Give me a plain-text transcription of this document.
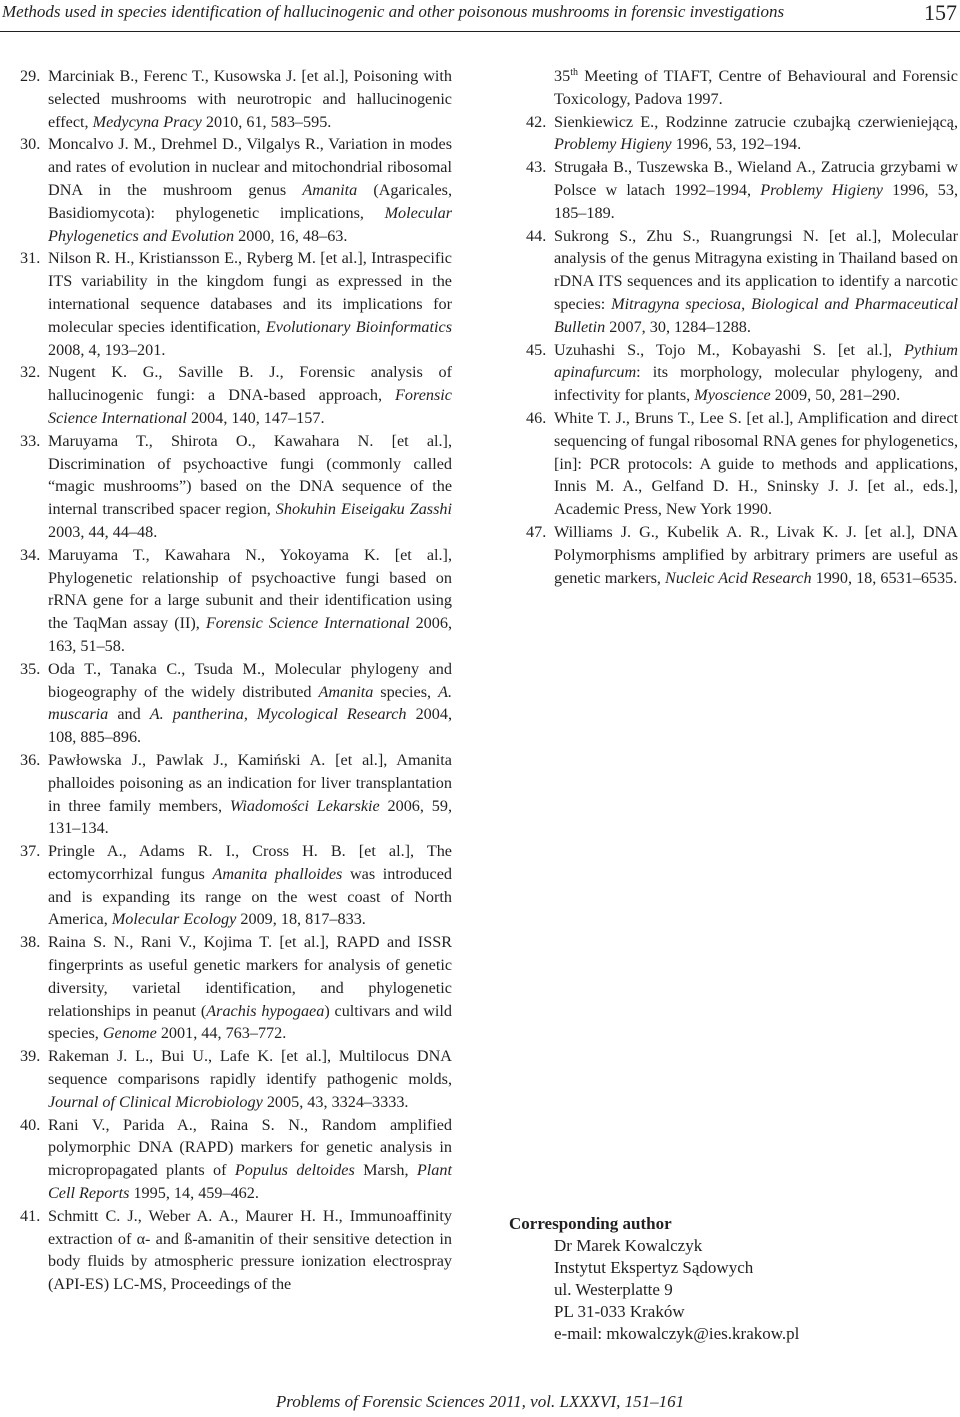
Methods used in species identification of hallucinogenic and other poisonous mushrooms in forensic investigations	157

29. Marciniak B., Ferenc T., Kusowska J. [et al.], Poisoning with selected mushrooms with neurotropic and hallucinogenic effect, Medycyna Pracy 2010, 61, 583–595.

30. Moncalvo J. M., Drehmel D., Vilgalys R., Variation in modes and rates of evolution in nuclear and mitochondrial ribosomal DNA in the mushroom genus Amanita (Agaricales, Basidiomycota): phylogenetic implications, Molecular Phylogenetics and Evolution 2000, 16, 48–63.

31. Nilson R. H., Kristiansson E., Ryberg M. [et al.], Intraspecific ITS variability in the kingdom fungi as expressed in the international sequence databases and its implications for molecular species identification, Evolutionary Bioinformatics 2008, 4, 193–201.

32. Nugent K. G., Saville B. J., Forensic analysis of hallucinogenic fungi: a DNA-based approach, Forensic Science International 2004, 140, 147–157.

33. Maruyama T., Shirota O., Kawahara N. [et al.], Discrimination of psychoactive fungi (commonly called “magic mushrooms”) based on the DNA sequence of the internal transcribed spacer region, Shokuhin Eiseigaku Zasshi 2003, 44, 44–48.

34. Maruyama T., Kawahara N., Yokoyama K. [et al.], Phylogenetic relationship of psychoactive fungi based on rRNA gene for a large subunit and their identification using the TaqMan assay (II), Forensic Science International 2006, 163, 51–58.

35. Oda T., Tanaka C., Tsuda M., Molecular phylogeny and biogeography of the widely distributed Amanita species, A. muscaria and A. pantherina, Mycological Research 2004, 108, 885–896.

36. Pawłowska J., Pawlak J., Kamiński A. [et al.], Amanita phalloides poisoning as an indication for liver transplantation in three family members, Wiadomości Lekarskie 2006, 59, 131–134.

37. Pringle A., Adams R. I., Cross H. B. [et al.], The ectomycorrhizal fungus Amanita phalloides was introduced and is expanding its range on the west coast of North America, Molecular Ecology 2009, 18, 817–833.

38. Raina S. N., Rani V., Kojima T. [et al.], RAPD and ISSR fingerprints as useful genetic markers for analysis of genetic diversity, varietal identification, and phylogenetic relationships in peanut (Arachis hypogaea) cultivars and wild species, Genome 2001, 44, 763–772.

39. Rakeman J. L., Bui U., Lafe K. [et al.], Multilocus DNA sequence comparisons rapidly identify pathogenic molds, Journal of Clinical Microbiology 2005, 43, 3324–3333.

40. Rani V., Parida A., Raina S. N., Random amplified polymorphic DNA (RAPD) markers for genetic analysis in micropropagated plants of Populus deltoides Marsh, Plant Cell Reports 1995, 14, 459–462.

41. Schmitt C. J., Weber A. A., Maurer H. H., Immunoaffinity extraction of α- and ß-amanitin of their sensitive detection in body fluids by atmospheric pressure ionization electrospray (API-ES) LC-MS, Proceedings of the

35th Meeting of TIAFT, Centre of Behavioural and Forensic Toxicology, Padova 1997.

42. Sienkiewicz E., Rodzinne zatrucie czubajką czerwieniejącą, Problemy Higieny 1996, 53, 192–194.

43. Strugała B., Tuszewska B., Wieland A., Zatrucia grzybami w Polsce w latach 1992–1994, Problemy Higieny 1996, 53, 185–189.

44. Sukrong S., Zhu S., Ruangrungsi N. [et al.], Molecular analysis of the genus Mitragyna existing in Thailand based on rDNA ITS sequences and its application to identify a narcotic species: Mitragyna speciosa, Biological and Pharmaceutical Bulletin 2007, 30, 1284–1288.

45. Uzuhashi S., Tojo M., Kobayashi S. [et al.], Pythium apinafurcum: its morphology, molecular phylogeny, and infectivity for plants, Myoscience 2009, 50, 281–290.

46. White T. J., Bruns T., Lee S. [et al.], Amplification and direct sequencing of fungal ribosomal RNA genes for phylogenetics, [in]: PCR protocols: A guide to methods and applications, Innis M. A., Gelfand D. H., Sninsky J. J. [et al., eds.], Academic Press, New York 1990.

47. Williams J. G., Kubelik A. R., Livak K. J. [et al.], DNA Polymorphisms amplified by arbitrary primers are useful as genetic markers, Nucleic Acid Research 1990, 18, 6531–6535.

Corresponding author
Dr Marek Kowalczyk
Instytut Ekspertyz Sądowych
ul. Westerplatte 9
PL 31-033 Kraków
e-mail: mkowalczyk@ies.krakow.pl
Problems of Forensic Sciences 2011, vol. LXXXVI, 151–161
